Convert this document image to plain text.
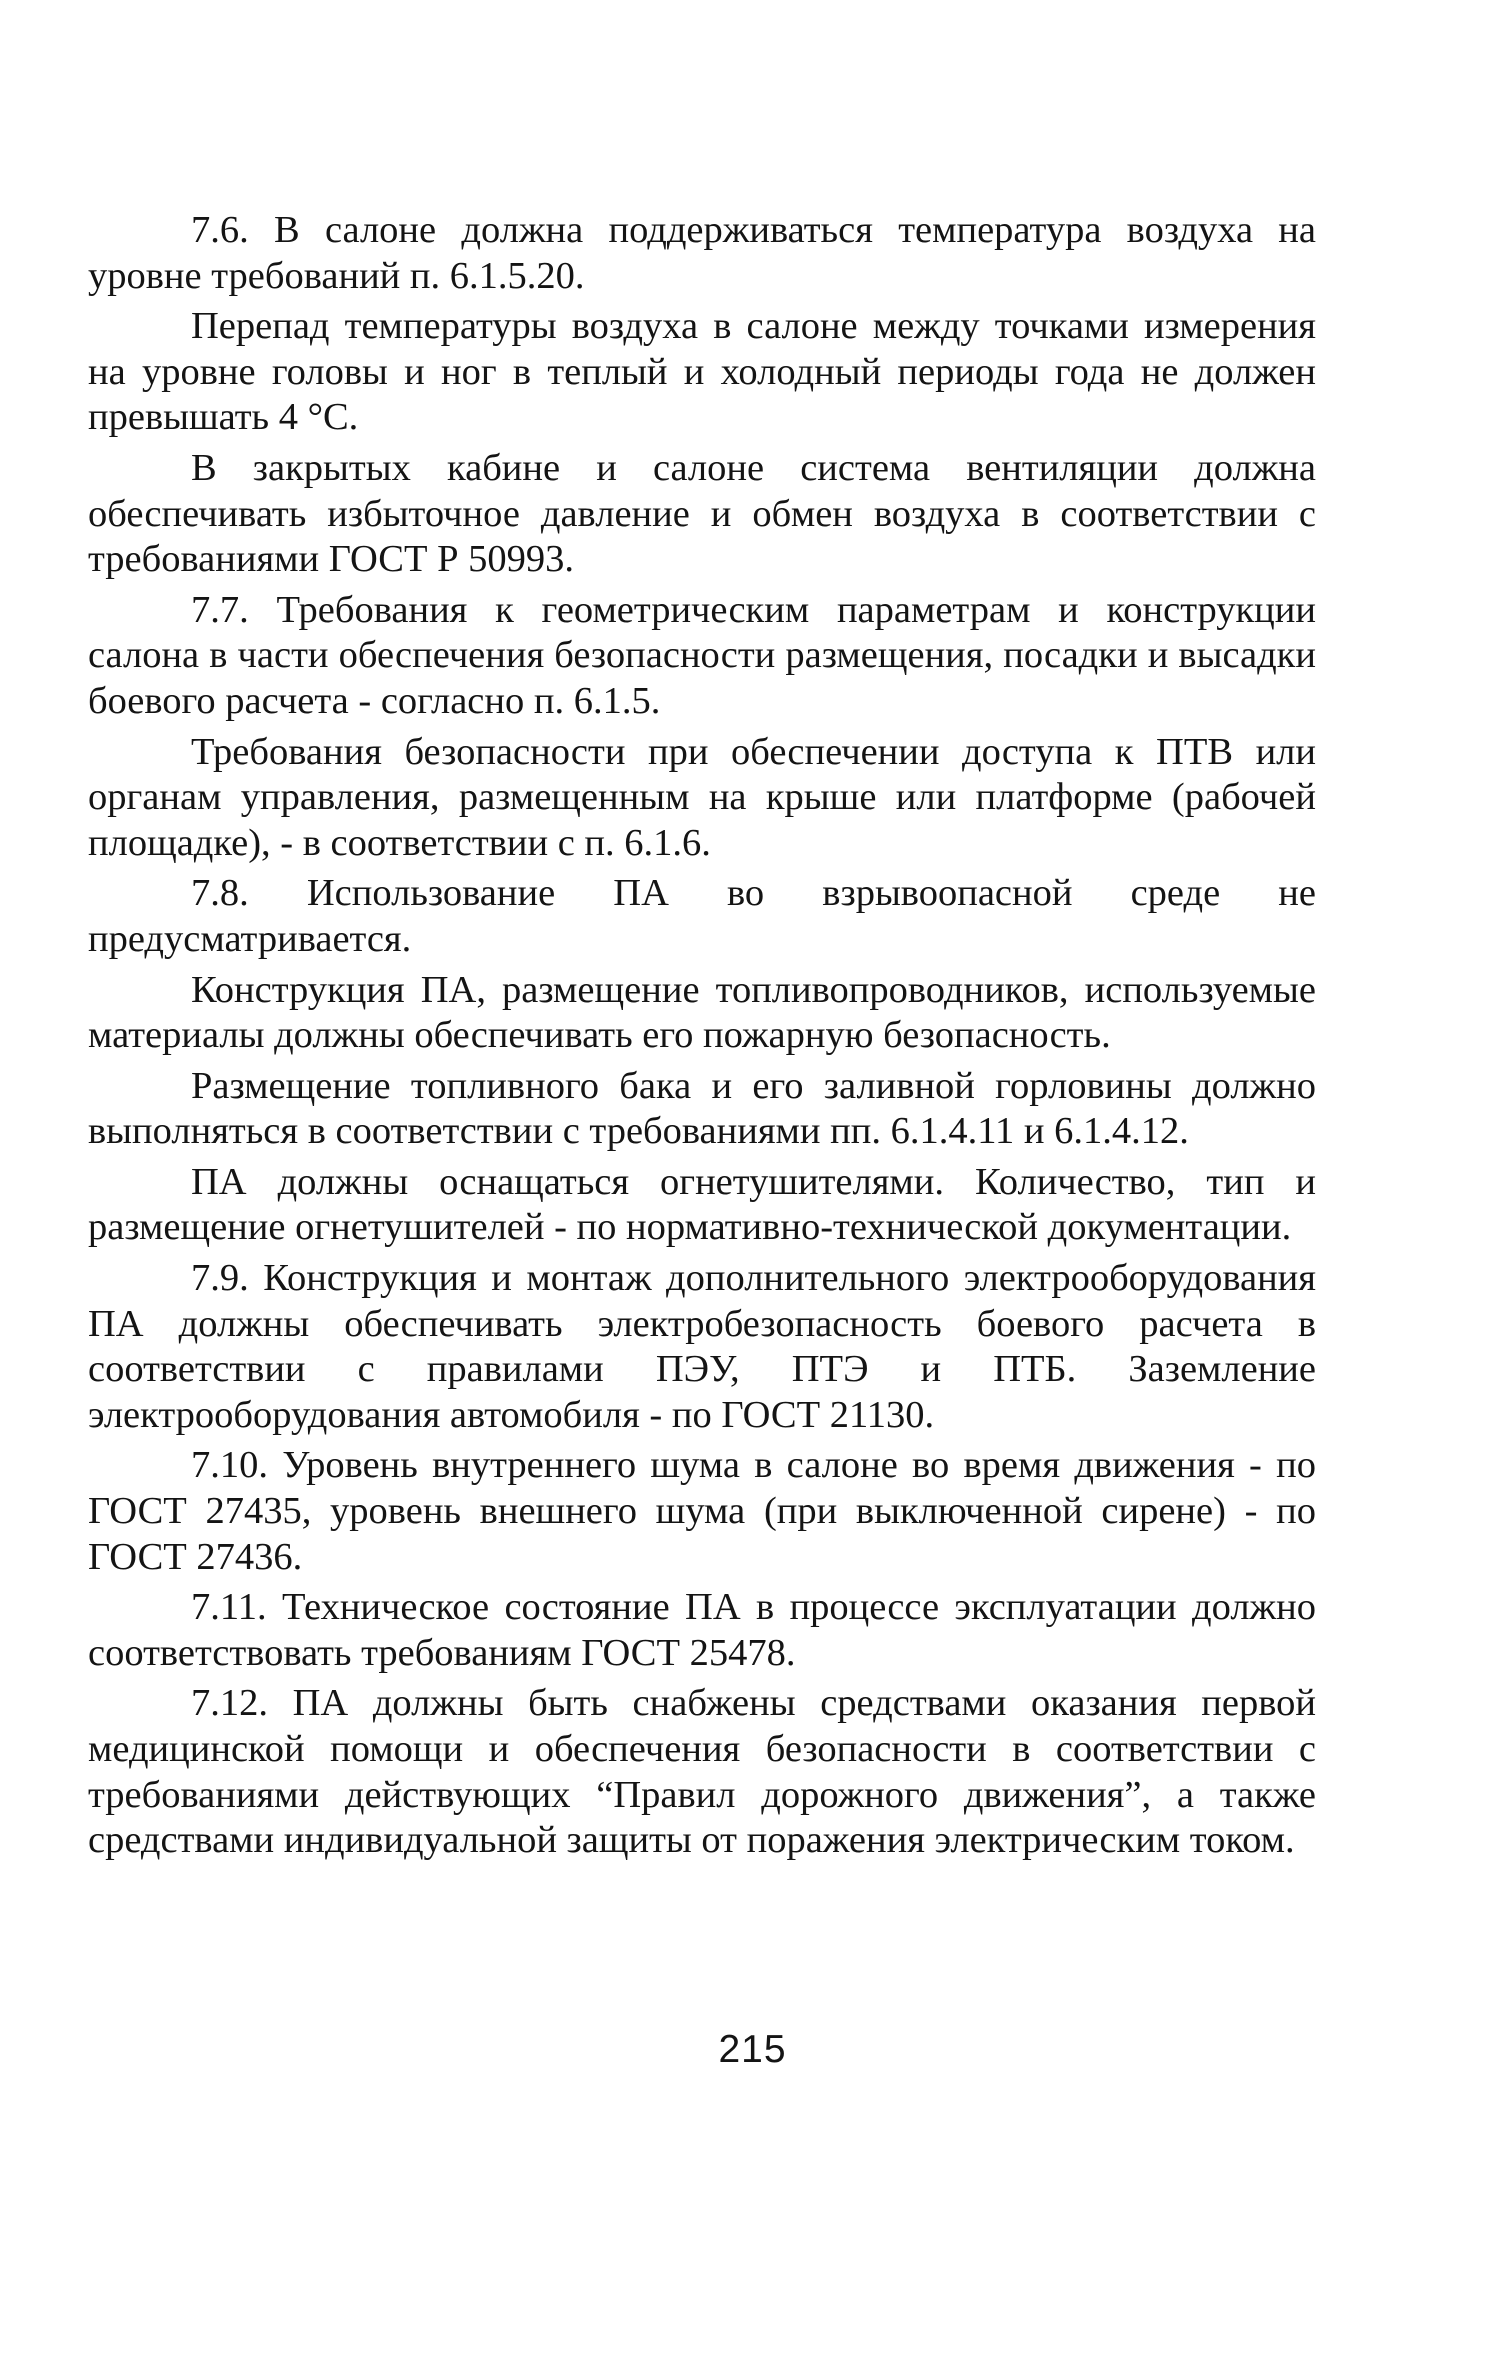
7.6. В салоне должна поддерживаться температура воздуха на уровне требований п. 6.1.5.20.

Перепад температуры воздуха в салоне между точками измерения на уровне головы и ног в теплый и холодный периоды года не должен превышать 4 °С.

В закрытых кабине и салоне система вентиляции должна обеспечивать избыточное давление и обмен воздуха в соответствии с требованиями ГОСТ Р 50993.

7.7. Требования к геометрическим параметрам и конструкции салона в части обеспечения безопасности размещения, посадки и высадки боевого расчета - согласно п. 6.1.5.

Требования безопасности при обеспечении доступа к ПТВ или органам управления, размещенным на крыше или платформе (рабочей площадке), - в соответствии с п. 6.1.6.

7.8. Использование ПА во взрывоопасной среде не предусматривается.

Конструкция ПА, размещение топливопроводников, используемые материалы должны обеспечивать его пожарную безопасность.

Размещение топливного бака и его заливной горловины должно выполняться в соответствии с требованиями пп. 6.1.4.11 и 6.1.4.12.

ПА должны оснащаться огнетушителями. Количество, тип и размещение огнетушителей - по нормативно-технической документации.

7.9. Конструкция и монтаж дополнительного электрооборудования ПА должны обеспечивать электробезопасность боевого расчета в соответствии с правилами ПЭУ, ПТЭ и ПТБ. Заземление электрооборудования автомобиля - по ГОСТ 21130.

7.10. Уровень внутреннего шума в салоне во время движения - по ГОСТ 27435, уровень внешнего шума (при выключенной сирене) - по ГОСТ 27436.

7.11. Техническое состояние ПА в процессе эксплуатации должно соответствовать требованиям ГОСТ 25478.

7.12. ПА должны быть снабжены средствами оказания первой медицинской помощи и обеспечения безопасности в соответствии с требованиями действующих “Правил дорожного движения”, а также средствами индивидуальной защиты от поражения электрическим током.

215
